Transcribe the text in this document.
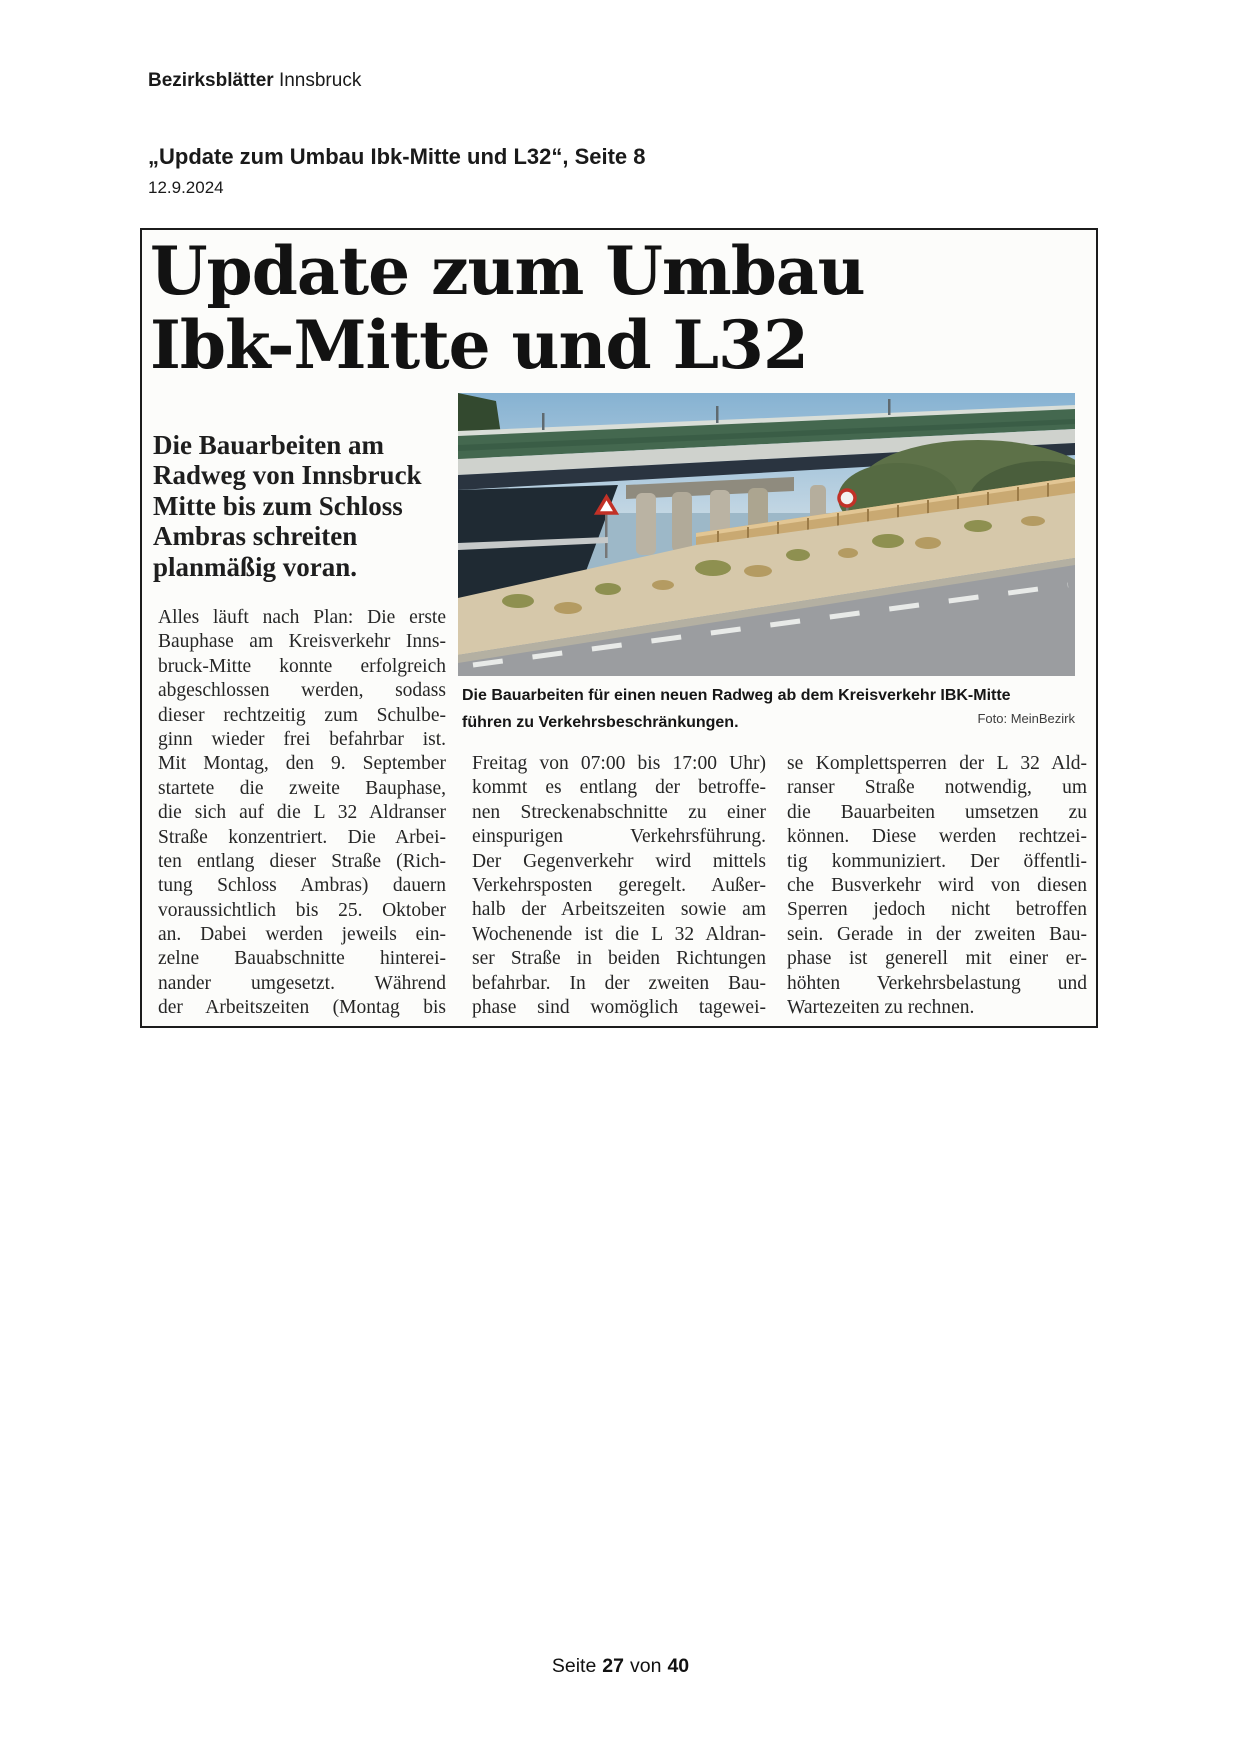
Bezirksblätter Innsbruck
„Update zum Umbau Ibk-Mitte und L32“, Seite 8
12.9.2024
Update zum Umbau
Ibk-Mitte und L32
Die Bauarbeiten am
Radweg von Innsbruck
Mitte bis zum Schloss
Ambras schreiten
planmäßig voran.
Die Bauarbeiten für einen neuen Radweg ab dem Kreisverkehr IBK-Mitte
führen zu Verkehrsbeschränkungen.	Foto: MeinBezirk
Alles läuft nach Plan: Die erste
Bauphase am Kreisverkehr Inns-
bruck-Mitte konnte erfolgreich
abgeschlossen werden, sodass
dieser rechtzeitig zum Schulbe-
ginn wieder frei befahrbar ist.
Mit Montag, den 9. September
startete die zweite Bauphase,
die sich auf die L 32 Aldranser
Straße konzentriert. Die Arbei-
ten entlang dieser Straße (Rich-
tung Schloss Ambras) dauern
voraussichtlich bis 25. Oktober
an. Dabei werden jeweils ein-
zelne Bauabschnitte hinterei-
nander umgesetzt. Während
der Arbeitszeiten (Montag bis
Freitag von 07:00 bis 17:00 Uhr)
kommt es entlang der betroffe-
nen Streckenabschnitte zu einer
einspurigen Verkehrsführung.
Der Gegenverkehr wird mittels
Verkehrsposten geregelt. Außer-
halb der Arbeitszeiten sowie am
Wochenende ist die L 32 Aldran-
ser Straße in beiden Richtungen
befahrbar. In der zweiten Bau-
phase sind womöglich tagewei-
se Komplettsperren der L 32 Ald-
ranser Straße notwendig, um
die Bauarbeiten umsetzen zu
können. Diese werden rechtzei-
tig kommuniziert. Der öffentli-
che Busverkehr wird von diesen
Sperren jedoch nicht betroffen
sein. Gerade in der zweiten Bau-
phase ist generell mit einer er-
höhten Verkehrsbelastung und
Wartezeiten zu rechnen.
Seite 27 von 40
